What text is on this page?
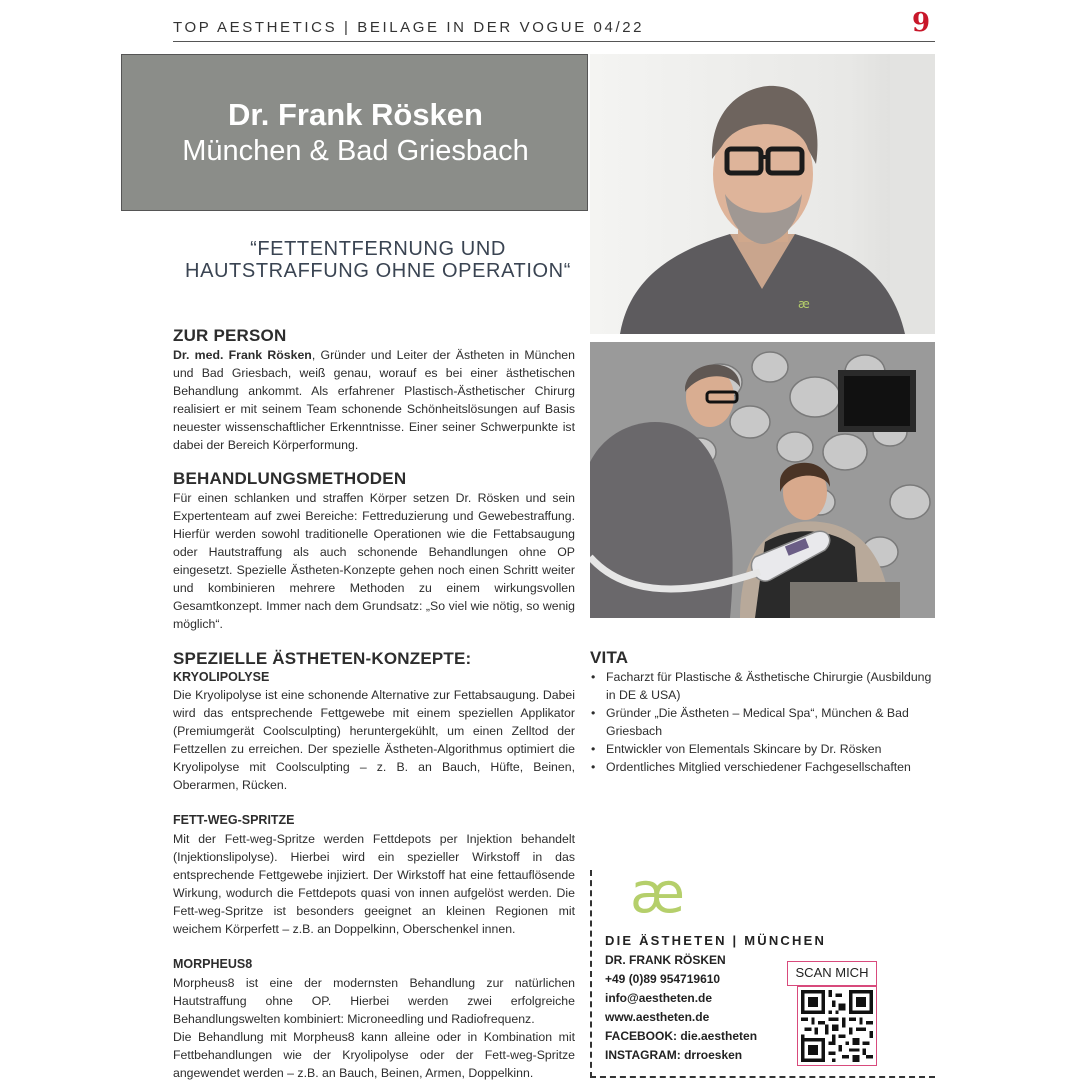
TOP AESTHETICS | BEILAGE IN DER VOGUE 04/22	9
Dr. Frank Rösken
München & Bad Griesbach
“FETTENTFERNUNG UND
HAUTSTRAFFUNG OHNE OPERATION“
ZUR PERSON
Dr. med. Frank Rösken, Gründer und Leiter der Ästheten in München und Bad Griesbach, weiß genau, worauf es bei einer ästhetischen Behandlung ankommt. Als erfahrener Plastisch-Ästhetischer Chirurg realisiert er mit seinem Team schonende Schönheitslösungen auf Basis neuester wissenschaftlicher Erkenntnisse. Einer seiner Schwerpunkte ist dabei der Bereich Körperformung.
BEHANDLUNGSMETHODEN
Für einen schlanken und straffen Körper setzen Dr. Rösken und sein Expertenteam auf zwei Bereiche: Fettreduzierung und Gewebestraffung. Hierfür werden sowohl traditionelle Operationen wie die Fettabsaugung oder Hautstraffung als auch schonende Behandlungen ohne OP eingesetzt. Spezielle Ästheten-Konzepte gehen noch einen Schritt weiter und kombinieren mehrere Methoden zu einem wirkungsvollen Gesamtkonzept. Immer nach dem Grundsatz: „So viel wie nötig, so wenig möglich“.
SPEZIELLE ÄSTHETEN-KONZEPTE:
KRYOLIPOLYSE
Die Kryolipolyse ist eine schonende Alternative zur Fettabsaugung. Dabei wird das entsprechende Fettgewebe mit einem speziellen Applikator (Premiumgerät Coolsculpting) heruntergekühlt, um einen Zelltod der Fettzellen zu erreichen. Der spezielle Ästheten-Algorithmus optimiert die Kryolipolyse mit Coolsculpting – z. B. an Bauch, Hüfte, Beinen, Oberarmen, Rücken.
FETT-WEG-SPRITZE
Mit der Fett-weg-Spritze werden Fettdepots per Injektion behandelt (Injektionslipolyse). Hierbei wird ein spezieller Wirkstoff in das entsprechende Fettgewebe injiziert. Der Wirkstoff hat eine fettauflösende Wirkung, wodurch die Fettdepots quasi von innen aufgelöst werden. Die Fett-weg-Spritze ist besonders geeignet an kleinen Regionen mit weichem Körperfett – z.B. an Doppelkinn, Oberschenkel innen.
MORPHEUS8
Morpheus8 ist eine der modernsten Behandlung zur natürlichen Hautstraffung ohne OP. Hierbei werden zwei erfolgreiche Behandlungswelten kombiniert: Microneedling und Radiofrequenz.
Die Behandlung mit Morpheus8 kann alleine oder in Kombination mit Fettbehandlungen wie der Kryolipolyse oder der Fett-weg-Spritze angewendet werden – z.B. an Bauch, Beinen, Armen, Doppelkinn.
æ
VITA
• Facharzt für Plastische & Ästhetische Chirurgie (Ausbildung in DE & USA)
• Gründer „Die Ästheten – Medical Spa“, München & Bad Griesbach
• Entwickler von Elementals Skincare by Dr. Rösken
• Ordentliches Mitglied verschiedener Fachgesellschaften
æ
DIE ÄSTHETEN | MÜNCHEN
DR. FRANK RÖSKEN
+49 (0)89 954719610
info@aestheten.de
www.aestheten.de
FACEBOOK: die.aestheten
INSTAGRAM: drroesken
SCAN MICH
